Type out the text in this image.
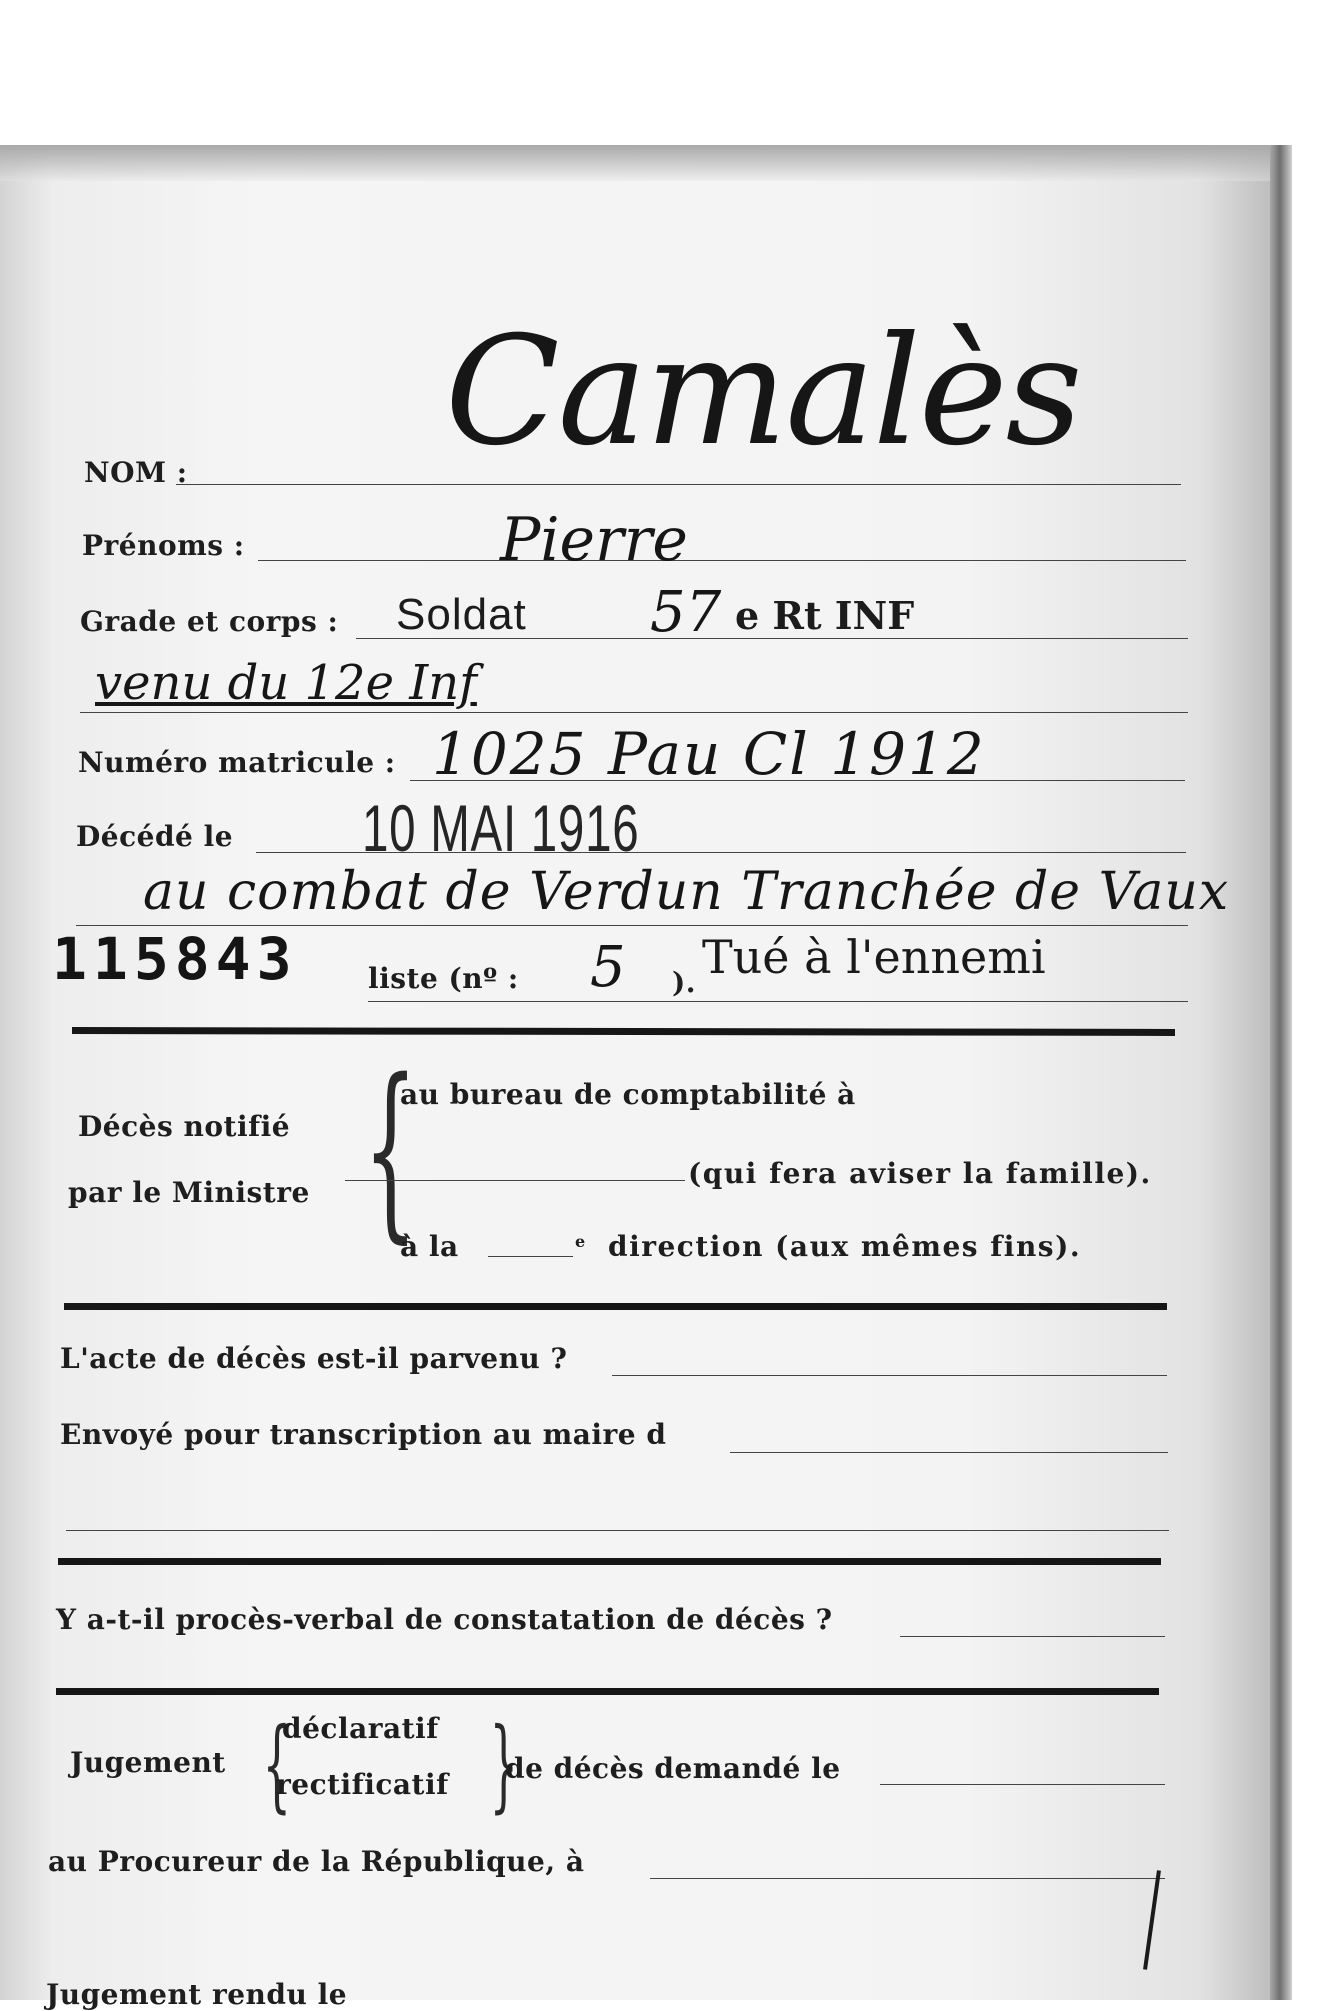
NOM : Camalès
Prénoms :	Pierre
Grade et corps : Soldat 57 e Rt INF
venu du 12e Inf
Numéro matricule : 1025 Pau Cl 1912
Décédé le 10 MAI 1916
au combat de Verdun Tranchée de Vaux
115843	liste (nº : 5 ). Tué à l'ennemi
Décès notifié
par le Ministre {
au bureau de comptabilité à
(qui fera aviser la famille).
à la	e direction (aux mêmes fins).
L'acte de décès est-il parvenu ?
Envoyé pour transcription au maire d
Y a-t-il procès-verbal de constatation de décès ?
Jugement {
déclaratif
rectificatif }
de décès demandé le
au Procureur de la République, à
Jugement rendu le
